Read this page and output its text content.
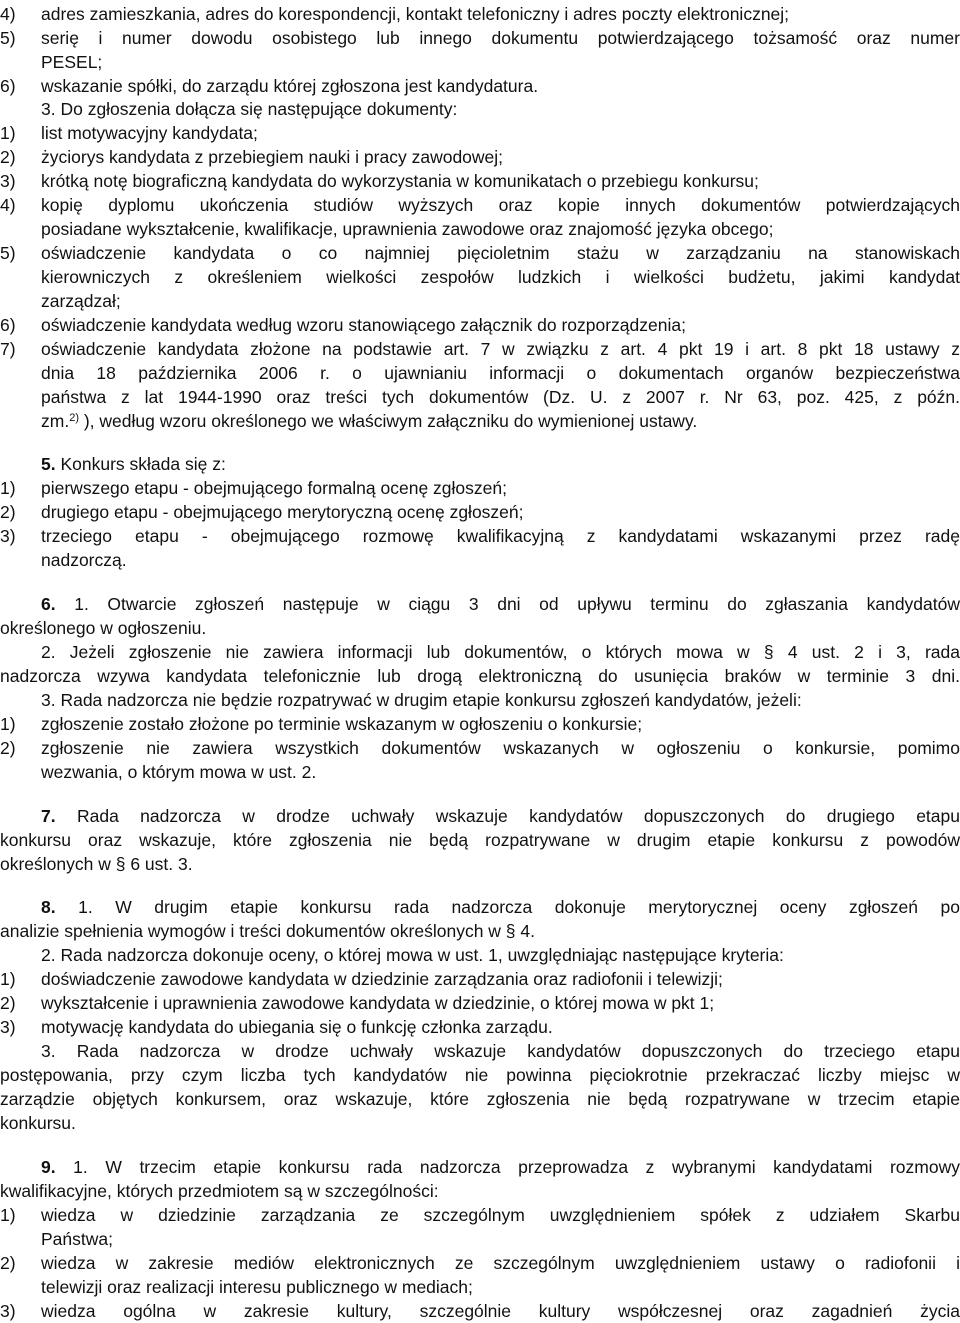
4) adres zamieszkania, adres do korespondencji, kontakt telefoniczny i adres poczty elektronicznej;
5) serię i numer dowodu osobistego lub innego dokumentu potwierdzającego tożsamość oraz numer
PESEL;
6) wskazanie spółki, do zarządu której zgłoszona jest kandydatura.
3. Do zgłoszenia dołącza się następujące dokumenty:
1) list motywacyjny kandydata;
2) życiorys kandydata z przebiegiem nauki i pracy zawodowej;
3) krótką notę biograficzną kandydata do wykorzystania w komunikatach o przebiegu konkursu;
4) kopię dyplomu ukończenia studiów wyższych oraz kopie innych dokumentów potwierdzających
posiadane wykształcenie, kwalifikacje, uprawnienia zawodowe oraz znajomość języka obcego;
5) oświadczenie kandydata o co najmniej pięcioletnim stażu w zarządzaniu na stanowiskach
kierowniczych z określeniem wielkości zespołów ludzkich i wielkości budżetu, jakimi kandydat
zarządzał;
6) oświadczenie kandydata według wzoru stanowiącego załącznik do rozporządzenia;
7) oświadczenie kandydata złożone na podstawie art. 7 w związku z art. 4 pkt 19 i art. 8 pkt 18 ustawy z
dnia 18 października 2006 r. o ujawnianiu informacji o dokumentach organów bezpieczeństwa
państwa z lat 1944-1990 oraz treści tych dokumentów (Dz. U. z 2007 r. Nr 63, poz. 425, z późn.
zm.$^{2)}$ ), według wzoru określonego we właściwym załączniku do wymienionej ustawy.
5. Konkurs składa się z:
1) pierwszego etapu - obejmującego formalną ocenę zgłoszeń;
2) drugiego etapu - obejmującego merytoryczną ocenę zgłoszeń;
3) trzeciego etapu - obejmującego rozmowę kwalifikacyjną z kandydatami wskazanymi przez radę
nadzorczą.
6. 1. Otwarcie zgłoszeń następuje w ciągu 3 dni od upływu terminu do zgłaszania kandydatów
określonego w ogłoszeniu.
2. Jeżeli zgłoszenie nie zawiera informacji lub dokumentów, o których mowa w § 4 ust. 2 i 3, rada
nadzorcza wzywa kandydata telefonicznie lub drogą elektroniczną do usunięcia braków w terminie 3 dni.
3. Rada nadzorcza nie będzie rozpatrywać w drugim etapie konkursu zgłoszeń kandydatów, jeżeli:
1) zgłoszenie zostało złożone po terminie wskazanym w ogłoszeniu o konkursie;
2) zgłoszenie nie zawiera wszystkich dokumentów wskazanych w ogłoszeniu o konkursie, pomimo
wezwania, o którym mowa w ust. 2.
7. Rada nadzorcza w drodze uchwały wskazuje kandydatów dopuszczonych do drugiego etapu
konkursu oraz wskazuje, które zgłoszenia nie będą rozpatrywane w drugim etapie konkursu z powodów
określonych w § 6 ust. 3.
8. 1. W drugim etapie konkursu rada nadzorcza dokonuje merytorycznej oceny zgłoszeń po
analizie spełnienia wymogów i treści dokumentów określonych w § 4.
2. Rada nadzorcza dokonuje oceny, o której mowa w ust. 1, uwzględniając następujące kryteria:
1) doświadczenie zawodowe kandydata w dziedzinie zarządzania oraz radiofonii i telewizji;
2) wykształcenie i uprawnienia zawodowe kandydata w dziedzinie, o której mowa w pkt 1;
3) motywację kandydata do ubiegania się o funkcję członka zarządu.
3. Rada nadzorcza w drodze uchwały wskazuje kandydatów dopuszczonych do trzeciego etapu
postępowania, przy czym liczba tych kandydatów nie powinna pięciokrotnie przekraczać liczby miejsc w
zarządzie objętych konkursem, oraz wskazuje, które zgłoszenia nie będą rozpatrywane w trzecim etapie
konkursu.
9. 1. W trzecim etapie konkursu rada nadzorcza przeprowadza z wybranymi kandydatami rozmowy
kwalifikacyjne, których przedmiotem są w szczególności:
1) wiedza w dziedzinie zarządzania ze szczególnym uwzględnieniem spółek z udziałem Skarbu
Państwa;
2) wiedza w zakresie mediów elektronicznych ze szczególnym uwzględnieniem ustawy o radiofonii i
telewizji oraz realizacji interesu publicznego w mediach;
3) wiedza ogólna w zakresie kultury, szczególnie kultury współczesnej oraz zagadnień życia
